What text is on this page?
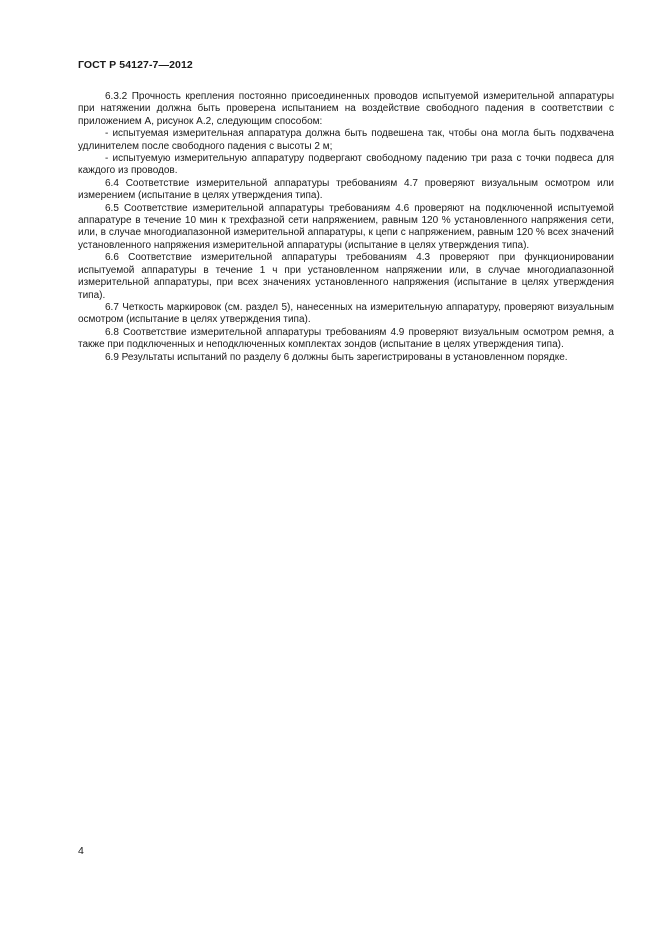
ГОСТ Р 54127-7—2012

6.3.2 Прочность крепления постоянно присоединенных проводов испытуемой измерительной аппаратуры при натяжении должна быть проверена испытанием на воздействие свободного падения в соответствии с приложением А, рисунок А.2, следующим способом:

- испытуемая измерительная аппаратура должна быть подвешена так, чтобы она могла быть подхвачена удлинителем после свободного падения с высоты 2 м;

- испытуемую измерительную аппаратуру подвергают свободному падению три раза с точки подвеса для каждого из проводов.

6.4 Соответствие измерительной аппаратуры требованиям 4.7 проверяют визуальным осмотром или измерением (испытание в целях утверждения типа).

6.5 Соответствие измерительной аппаратуры требованиям 4.6 проверяют на подключенной испытуемой аппаратуре в течение 10 мин к трехфазной сети напряжением, равным 120 % установленного напряжения сети, или, в случае многодиапазонной измерительной аппаратуры, к цепи с напряжением, равным 120 % всех значений установленного напряжения измерительной аппаратуры (испытание в целях утверждения типа).

6.6 Соответствие измерительной аппаратуры требованиям 4.3 проверяют при функционировании испытуемой аппаратуры в течение 1 ч при установленном напряжении или, в случае многодиапазонной измерительной аппаратуры, при всех значениях установленного напряжения (испытание в целях утверждения типа).

6.7 Четкость маркировок (см. раздел 5), нанесенных на измерительную аппаратуру, проверяют визуальным осмотром (испытание в целях утверждения типа).

6.8 Соответствие измерительной аппаратуры требованиям 4.9 проверяют визуальным осмотром ремня, а также при подключенных и неподключенных комплектах зондов (испытание в целях утверждения типа).

6.9 Результаты испытаний по разделу 6 должны быть зарегистрированы в установленном порядке.

4
